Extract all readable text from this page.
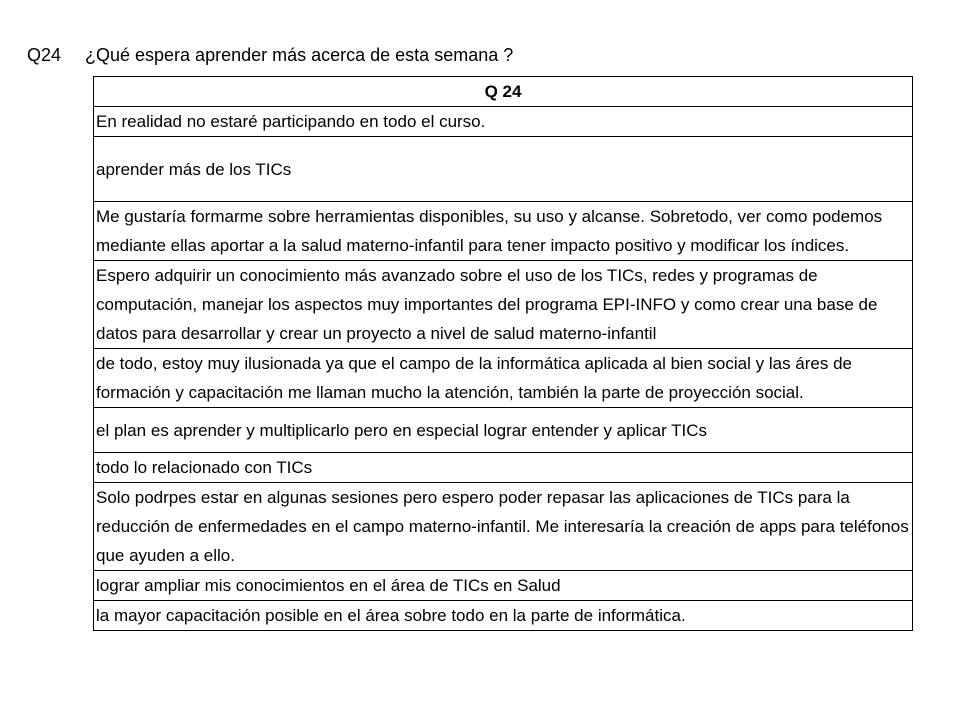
Q24 ¿Qué espera aprender más acerca de esta semana ?
Q 24
En realidad no estaré participando en todo el curso.
aprender más de los TICs
Me gustaría formarme sobre herramientas disponibles, su uso y alcanse. Sobretodo, ver como podemos mediante ellas aportar a la salud materno-infantil para tener impacto positivo y modificar los índices.
Espero adquirir un conocimiento más avanzado sobre el uso de los TICs, redes y programas de computación, manejar los aspectos muy importantes del programa EPI-INFO y como crear una base de datos para desarrollar y crear un proyecto a nivel de salud materno-infantil
de todo, estoy muy ilusionada ya que el campo de la informática aplicada al bien social y las áres de formación y capacitación me llaman mucho la atención, también la parte de proyección social.
el plan es aprender y multiplicarlo pero en especial lograr entender y aplicar TICs
todo lo relacionado con TICs
Solo podrpes estar en algunas sesiones pero espero poder repasar las aplicaciones de TICs para la reducción de enfermedades en el campo materno-infantil. Me interesaría la creación de apps para teléfonos que ayuden a ello.
lograr ampliar mis conocimientos en el área de TICs en Salud
la mayor capacitación posible en el área sobre todo en la parte de informática.
